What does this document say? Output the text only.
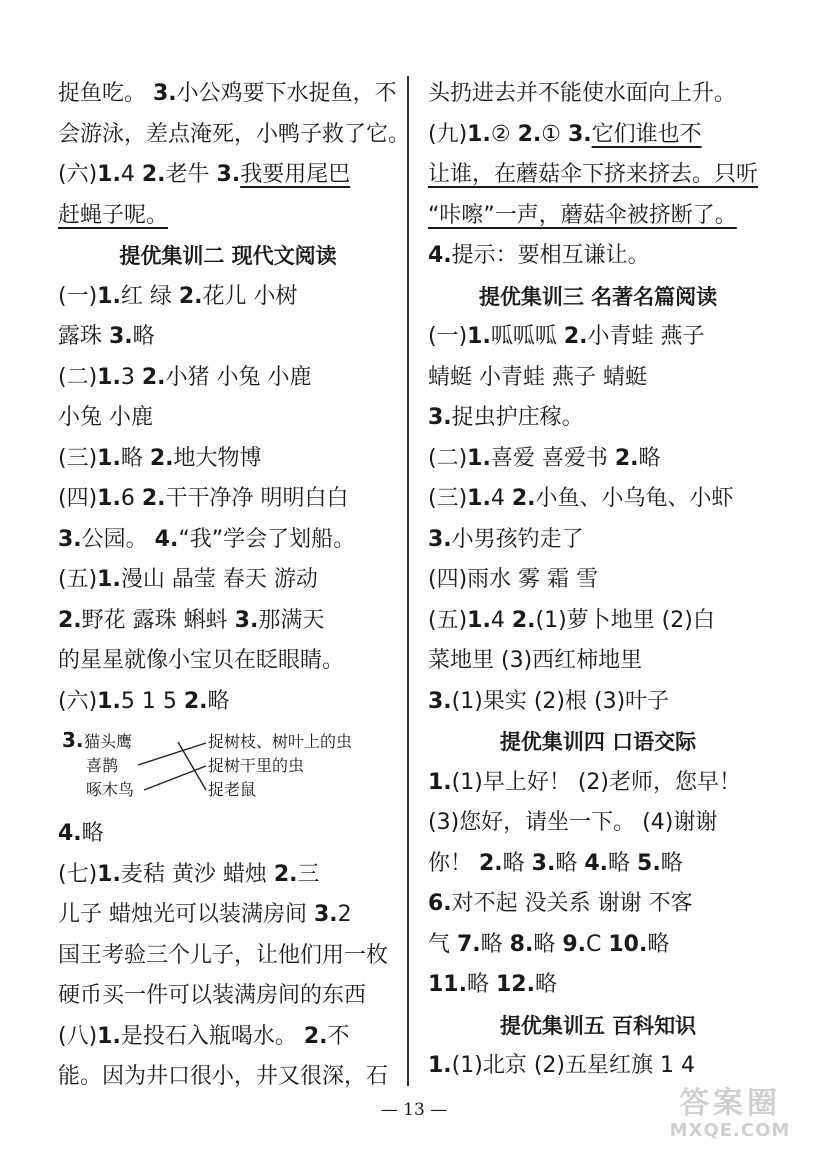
捉鱼吃。 3.小公鸡要下水捉鱼，不
会游泳，差点淹死，小鸭子救了它。
(六)1.4 2.老牛 3.我要用尾巴
赶蝇子呢。
提优集训二 现代文阅读
(一)1.红 绿 2.花儿 小树
露珠 3.略
(二)1.3 2.小猪 小兔 小鹿
小兔 小鹿
(三)1.略 2.地大物博
(四)1.6 2.干干净净 明明白白
3.公园。 4.“我”学会了划船。
(五)1.漫山 晶莹 春天 游动
2.野花 露珠 蝌蚪 3.那满天
的星星就像小宝贝在眨眼睛。
(六)1.5 1 5 2.略
3. 猫头鹰
喜鹊
啄木鸟
捉树枝、树叶上的虫
捉树干里的虫
捉老鼠
4.略
(七)1.麦秸 黄沙 蜡烛 2.三
儿子 蜡烛光可以装满房间 3.2
国王考验三个儿子，让他们用一枚
硬币买一件可以装满房间的东西
(八)1.是投石入瓶喝水。 2.不
能。因为井口很小，井又很深，石
头扔进去并不能使水面向上升。
(九)1.② 2.① 3.它们谁也不
让谁，在蘑菇伞下挤来挤去。只听
“咔嚓”一声，蘑菇伞被挤断了。
4.提示：要相互谦让。
提优集训三 名著名篇阅读
(一)1.呱呱呱 2.小青蛙 燕子
蜻蜓 小青蛙 燕子 蜻蜓
3.捉虫护庄稼。
(二)1.喜爱 喜爱书 2.略
(三)1.4 2.小鱼、小乌龟、小虾
3.小男孩钓走了
(四)雨水 雾 霜 雪
(五)1.4 2.(1)萝卜地里 (2)白
菜地里 (3)西红柿地里
3.(1)果实 (2)根 (3)叶子
提优集训四 口语交际
1.(1)早上好！ (2)老师，您早！
(3)您好，请坐一下。 (4)谢谢
你！ 2.略 3.略 4.略 5.略
6.对不起 没关系 谢谢 不客
气 7.略 8.略 9.C 10.略
11.略 12.略
提优集训五 百科知识
1.(1)北京 (2)五星红旗 1 4
— 13 —	答案圈
MXQE.COM
